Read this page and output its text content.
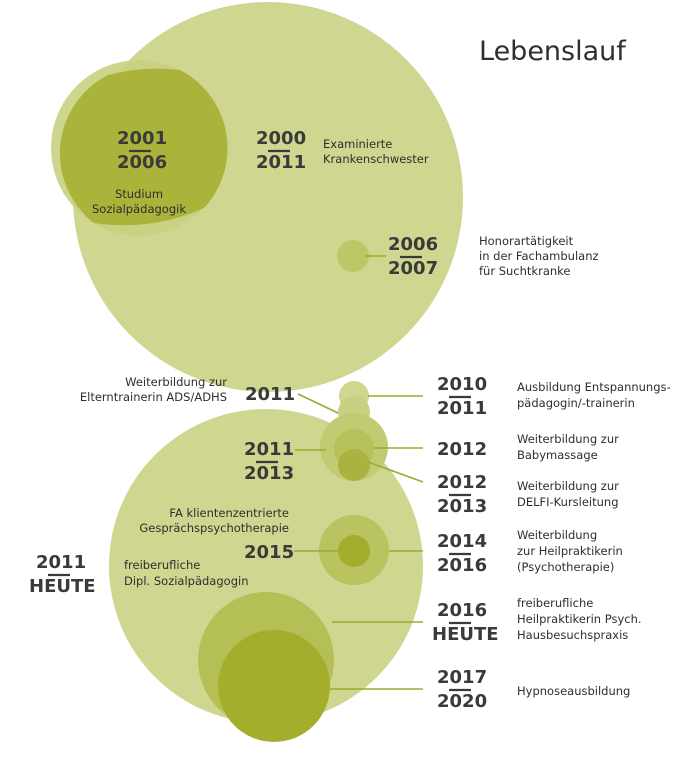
Lebenslauf
2001
2006
2000
2011
2006
2007
2011	2010
2011
2011
2013
2012
2012
2013
2015
2014
2016
2011
HEUTE
2016
HEUTE
2017
2020
Examinierte
Krankenschwester
Studium
Sozialpädagogik
Honorartätigkeit
in der Fachambulanz
für Suchtkranke
Weiterbildung zur
Elterntrainerin ADS/ADHS
Ausbildung Entspannungs-
pädagogin/-trainerin
Weiterbildung zur
Babymassage
Weiterbildung zur
DELFI-Kursleitung
FA klientenzentrierte
Gesprächspsychotherapie	Weiterbildung
zur Heilpraktikerin
(Psychotherapie)
freiberufliche
Dipl. Sozialpädagogin
freiberufliche
Heilpraktikerin Psych.
Hausbesuchspraxis
Hypnoseausbildung
